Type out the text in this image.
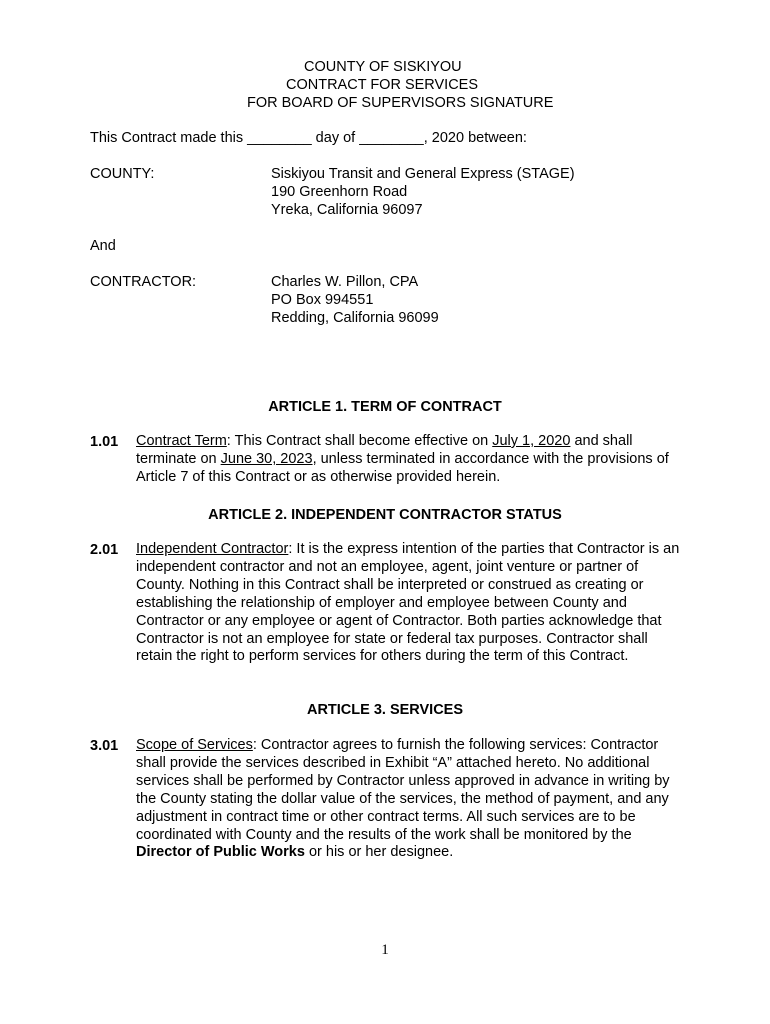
COUNTY OF SISKIYOU
CONTRACT FOR SERVICES
FOR BOARD OF SUPERVISORS SIGNATURE
This Contract made this ________ day of ________, 2020 between:
COUNTY:	Siskiyou Transit and General Express (STAGE)
190 Greenhorn Road
Yreka, California 96097
And
CONTRACTOR:	Charles W. Pillon, CPA
PO Box 994551
Redding, California 96099
ARTICLE 1. TERM OF CONTRACT
1.01 Contract Term: This Contract shall become effective on July 1, 2020 and shall terminate on June 30, 2023, unless terminated in accordance with the provisions of Article 7 of this Contract or as otherwise provided herein.
ARTICLE 2. INDEPENDENT CONTRACTOR STATUS
2.01 Independent Contractor: It is the express intention of the parties that Contractor is an independent contractor and not an employee, agent, joint venture or partner of County. Nothing in this Contract shall be interpreted or construed as creating or establishing the relationship of employer and employee between County and Contractor or any employee or agent of Contractor. Both parties acknowledge that Contractor is not an employee for state or federal tax purposes. Contractor shall retain the right to perform services for others during the term of this Contract.
ARTICLE 3. SERVICES
3.01 Scope of Services: Contractor agrees to furnish the following services: Contractor shall provide the services described in Exhibit “A” attached hereto. No additional services shall be performed by Contractor unless approved in advance in writing by the County stating the dollar value of the services, the method of payment, and any adjustment in contract time or other contract terms. All such services are to be coordinated with County and the results of the work shall be monitored by the Director of Public Works or his or her designee.
1
